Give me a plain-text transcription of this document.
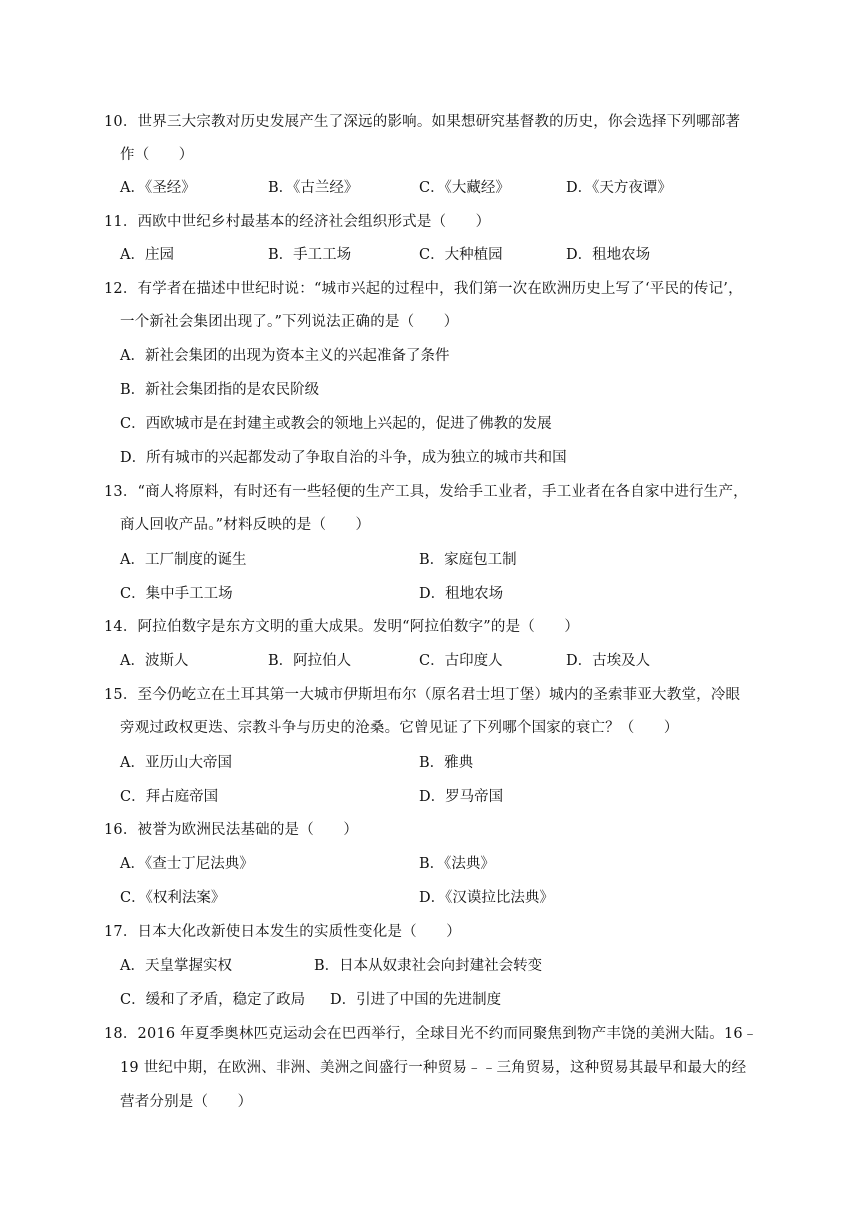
10．世界三大宗教对历史发展产生了深远的影响。如果想研究基督教的历史，你会选择下列哪部著
作（　　）
A．《圣经》	B．《古兰经》	C．《大藏经》	D．《天方夜谭》
11．西欧中世纪乡村最基本的经济社会组织形式是（　　）
A．庄园	B．手工工场	C．大种植园	D．租地农场
12．有学者在描述中世纪时说：“城市兴起的过程中，我们第一次在欧洲历史上写了‘平民的传记’，
一个新社会集团出现了。”下列说法正确的是（　　）
A．新社会集团的出现为资本主义的兴起准备了条件
B．新社会集团指的是农民阶级
C．西欧城市是在封建主或教会的领地上兴起的，促进了佛教的发展
D．所有城市的兴起都发动了争取自治的斗争，成为独立的城市共和国
13．“商人将原料，有时还有一些轻便的生产工具，发给手工业者，手工业者在各自家中进行生产，
商人回收产品。”材料反映的是（　　）
A．工厂制度的诞生	B．家庭包工制
C．集中手工工场	D．租地农场
14．阿拉伯数字是东方文明的重大成果。发明“阿拉伯数字”的是（　　）
A．波斯人	B．阿拉伯人	C．古印度人	D．古埃及人
15．至今仍屹立在土耳其第一大城市伊斯坦布尔（原名君士坦丁堡）城内的圣索菲亚大教堂，冷眼
旁观过政权更迭、宗教斗争与历史的沧桑。它曾见证了下列哪个国家的衰亡？（　　）
A．亚历山大帝国	B．雅典
C．拜占庭帝国	D．罗马帝国
16．被誉为欧洲民法基础的是（　　）
A．《查士丁尼法典》	B．《法典》
C．《权利法案》	D．《汉谟拉比法典》
17．日本大化改新使日本发生的实质性变化是（　　）
A．天皇掌握实权	B．日本从奴隶社会向封建社会转变
C．缓和了矛盾，稳定了政局 D．引进了中国的先进制度
18．2016 年夏季奥林匹克运动会在巴西举行，全球目光不约而同聚焦到物产丰饶的美洲大陆。16﹣
19 世纪中期，在欧洲、非洲、美洲之间盛行一种贸易﹣﹣三角贸易，这种贸易其最早和最大的经
营者分别是（　　）
